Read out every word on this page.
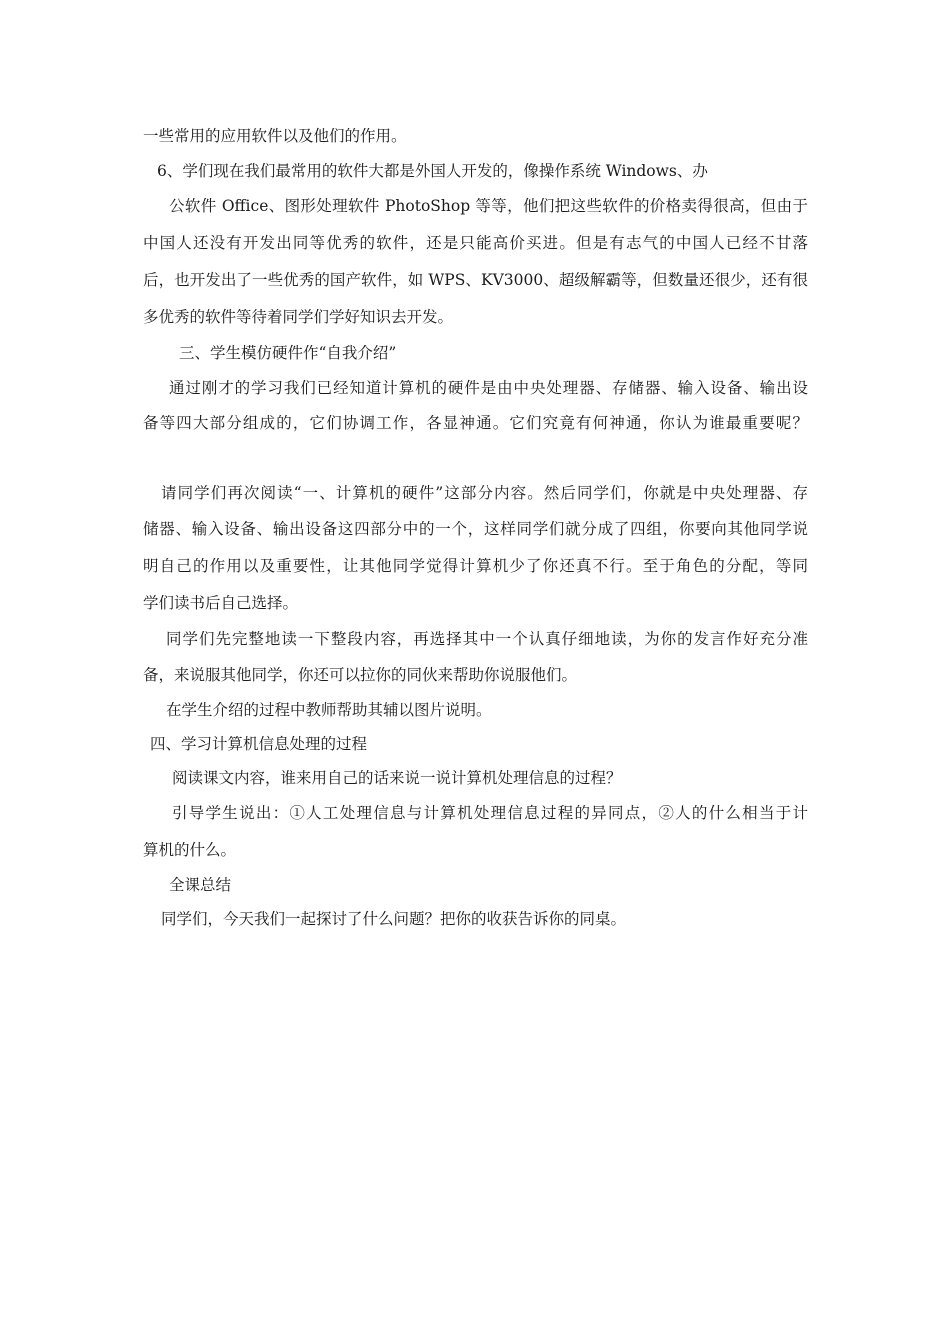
一些常用的应用软件以及他们的作用。
6、学们现在我们最常用的软件大都是外国人开发的，像操作系统 Windows、办
公软件 Office、图形处理软件 PhotoShop 等等，他们把这些软件的价格卖得很高，但由于
中国人还没有开发出同等优秀的软件，还是只能高价买进。但是有志气的中国人已经不甘落
后，也开发出了一些优秀的国产软件，如 WPS、KV3000、超级解霸等，但数量还很少，还有很
多优秀的软件等待着同学们学好知识去开发。
三、学生模仿硬件作“自我介绍”
通过刚才的学习我们已经知道计算机的硬件是由中央处理器、存储器、输入设备、输出设
备等四大部分组成的，它们协调工作，各显神通。它们究竟有何神通，你认为谁最重要呢？
请同学们再次阅读“一、计算机的硬件”这部分内容。然后同学们，你就是中央处理器、存
储器、输入设备、输出设备这四部分中的一个，这样同学们就分成了四组，你要向其他同学说
明自己的作用以及重要性，让其他同学觉得计算机少了你还真不行。至于角色的分配，等同
学们读书后自己选择。
同学们先完整地读一下整段内容，再选择其中一个认真仔细地读，为你的发言作好充分准
备，来说服其他同学，你还可以拉你的同伙来帮助你说服他们。
在学生介绍的过程中教师帮助其辅以图片说明。
四、学习计算机信息处理的过程
阅读课文内容，谁来用自己的话来说一说计算机处理信息的过程？
引导学生说出：①人工处理信息与计算机处理信息过程的异同点，②人的什么相当于计
算机的什么。
全课总结
同学们，今天我们一起探讨了什么问题？把你的收获告诉你的同桌。
